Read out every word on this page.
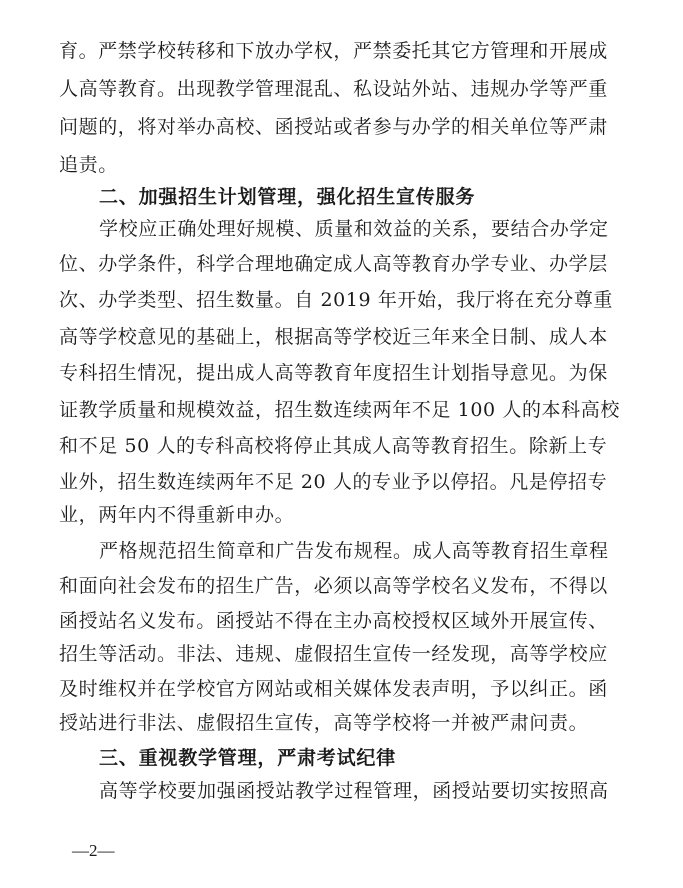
育。严禁学校转移和下放办学权，严禁委托其它方管理和开展成
人高等教育。出现教学管理混乱、私设站外站、违规办学等严重
问题的，将对举办高校、函授站或者参与办学的相关单位等严肃
追责。
二、加强招生计划管理，强化招生宣传服务
学校应正确处理好规模、质量和效益的关系，要结合办学定
位、办学条件，科学合理地确定成人高等教育办学专业、办学层
次、办学类型、招生数量。自 2019 年开始，我厅将在充分尊重
高等学校意见的基础上，根据高等学校近三年来全日制、成人本
专科招生情况，提出成人高等教育年度招生计划指导意见。为保
证教学质量和规模效益，招生数连续两年不足 100 人的本科高校
和不足 50 人的专科高校将停止其成人高等教育招生。除新上专
业外，招生数连续两年不足 20 人的专业予以停招。凡是停招专
业，两年内不得重新申办。
严格规范招生简章和广告发布规程。成人高等教育招生章程
和面向社会发布的招生广告，必须以高等学校名义发布，不得以
函授站名义发布。函授站不得在主办高校授权区域外开展宣传、
招生等活动。非法、违规、虚假招生宣传一经发现，高等学校应
及时维权并在学校官方网站或相关媒体发表声明，予以纠正。函
授站进行非法、虚假招生宣传，高等学校将一并被严肃问责。
三、重视教学管理，严肃考试纪律
高等学校要加强函授站教学过程管理，函授站要切实按照高
—2—
